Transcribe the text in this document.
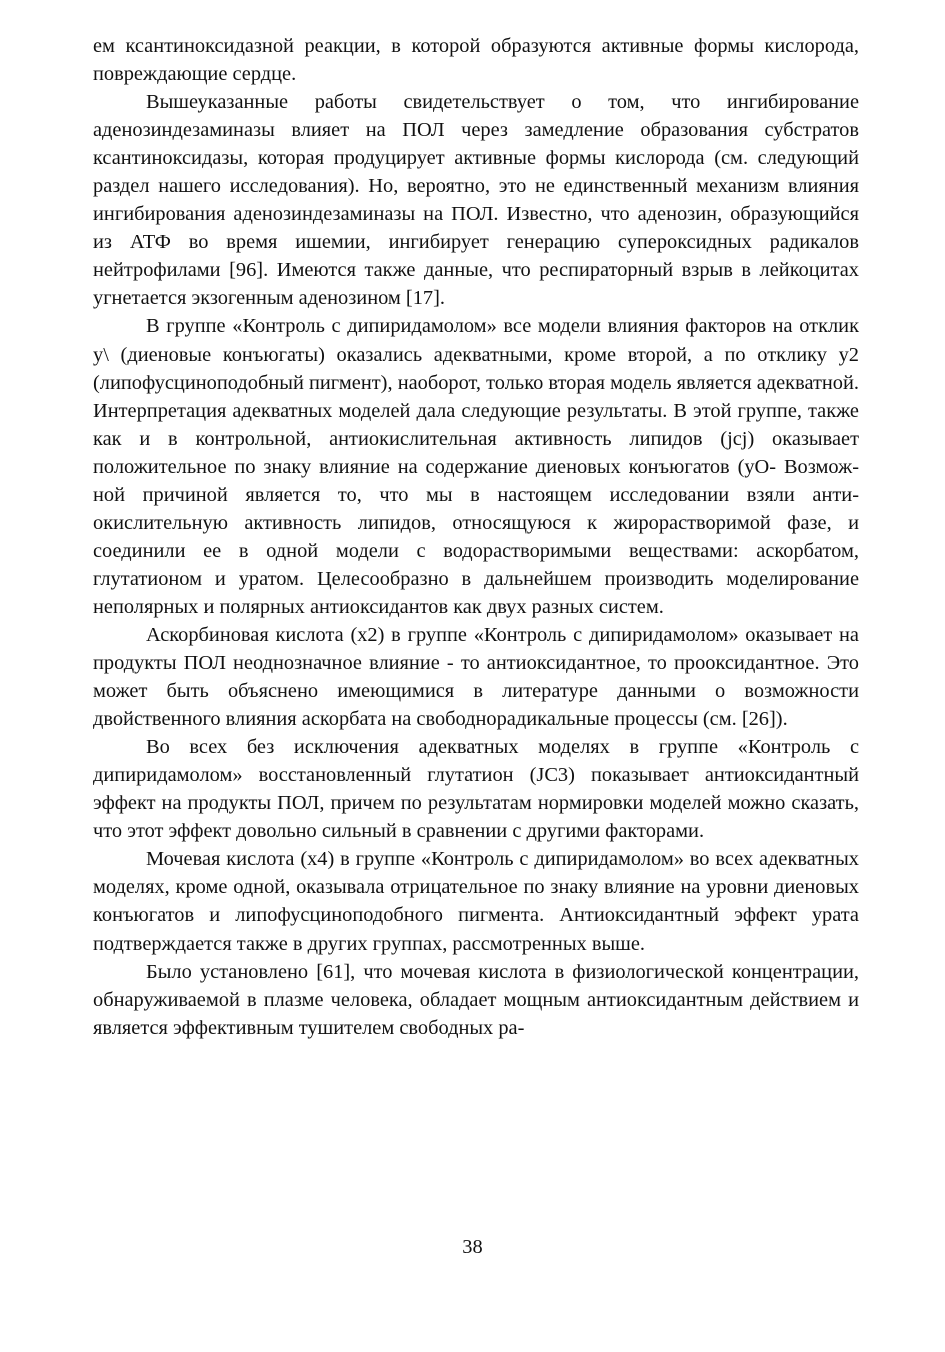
ем ксантиноксидазной реакции, в которой образуются активные формы кислорода, повреждающие сердце.

Вышеуказанные работы свидетельствует о том, что ингибирование аденозиндезаминазы влияет на ПОЛ через замедление образования субстратов ксантиноксидазы, которая продуцирует активные формы кислорода (см. следующий раздел нашего исследования). Но, вероятно, это не единственный механизм влияния ингибирования аденозиндезаминазы на ПОЛ. Известно, что аденозин, образующийся из АТФ во время ишемии, ингибирует генерацию супероксидных радикалов нейтрофилами [96]. Имеются также данные, что респираторный взрыв в лейкоцитах угнетается экзогенным аденозином [17].

В группе «Контроль с дипиридамолом» все модели влияния факторов на отклик y\ (диеновые конъюгаты) оказались адекватными, кроме второй, а по отклику y2 (липофусциноподобный пигмент), наоборот, только вторая модель является адекватной. Интерпретация адекватных моделей дала следующие результаты. В этой группе, также как и в контрольной, антиокислительная активность липидов (jcj) оказывает положительное по знаку влияние на содержание диеновых конъюгатов (уО- Возможной причиной является то, что мы в настоящем исследовании взяли антиокислительную активность липидов, относящуюся к жирорастворимой фазе, и соединили ее в одной модели с водорастворимыми веществами: аскорбатом, глутатионом и уратом. Целесообразно в дальнейшем производить моделирование неполярных и полярных антиоксидантов как двух разных систем.

Аскорбиновая кислота (x2) в группе «Контроль с дипиридамолом» оказывает на продукты ПОЛ неоднозначное влияние - то антиоксидантное, то прооксидантное. Это может быть объяснено имеющимися в литературе данными о возможности двойственного влияния аскорбата на свободнорадикальные процессы (см. [26]).

Во всех без исключения адекватных моделях в группе «Контроль с дипиридамолом» восстановленный глутатион (JC3) показывает антиоксидантный эффект на продукты ПОЛ, причем по результатам нормировки моделей можно сказать, что этот эффект довольно сильный в сравнении с другими факторами.

Мочевая кислота (x4) в группе «Контроль с дипиридамолом» во всех адекватных моделях, кроме одной, оказывала отрицательное по знаку влияние на уровни диеновых конъюгатов и липофусциноподобного пигмента. Антиоксидантный эффект урата подтверждается также в других группах, рассмотренных выше.

Было установлено [61], что мочевая кислота в физиологической концентрации, обнаруживаемой в плазме человека, обладает мощным антиоксидантным действием и является эффективным тушителем свободных ра-

38
